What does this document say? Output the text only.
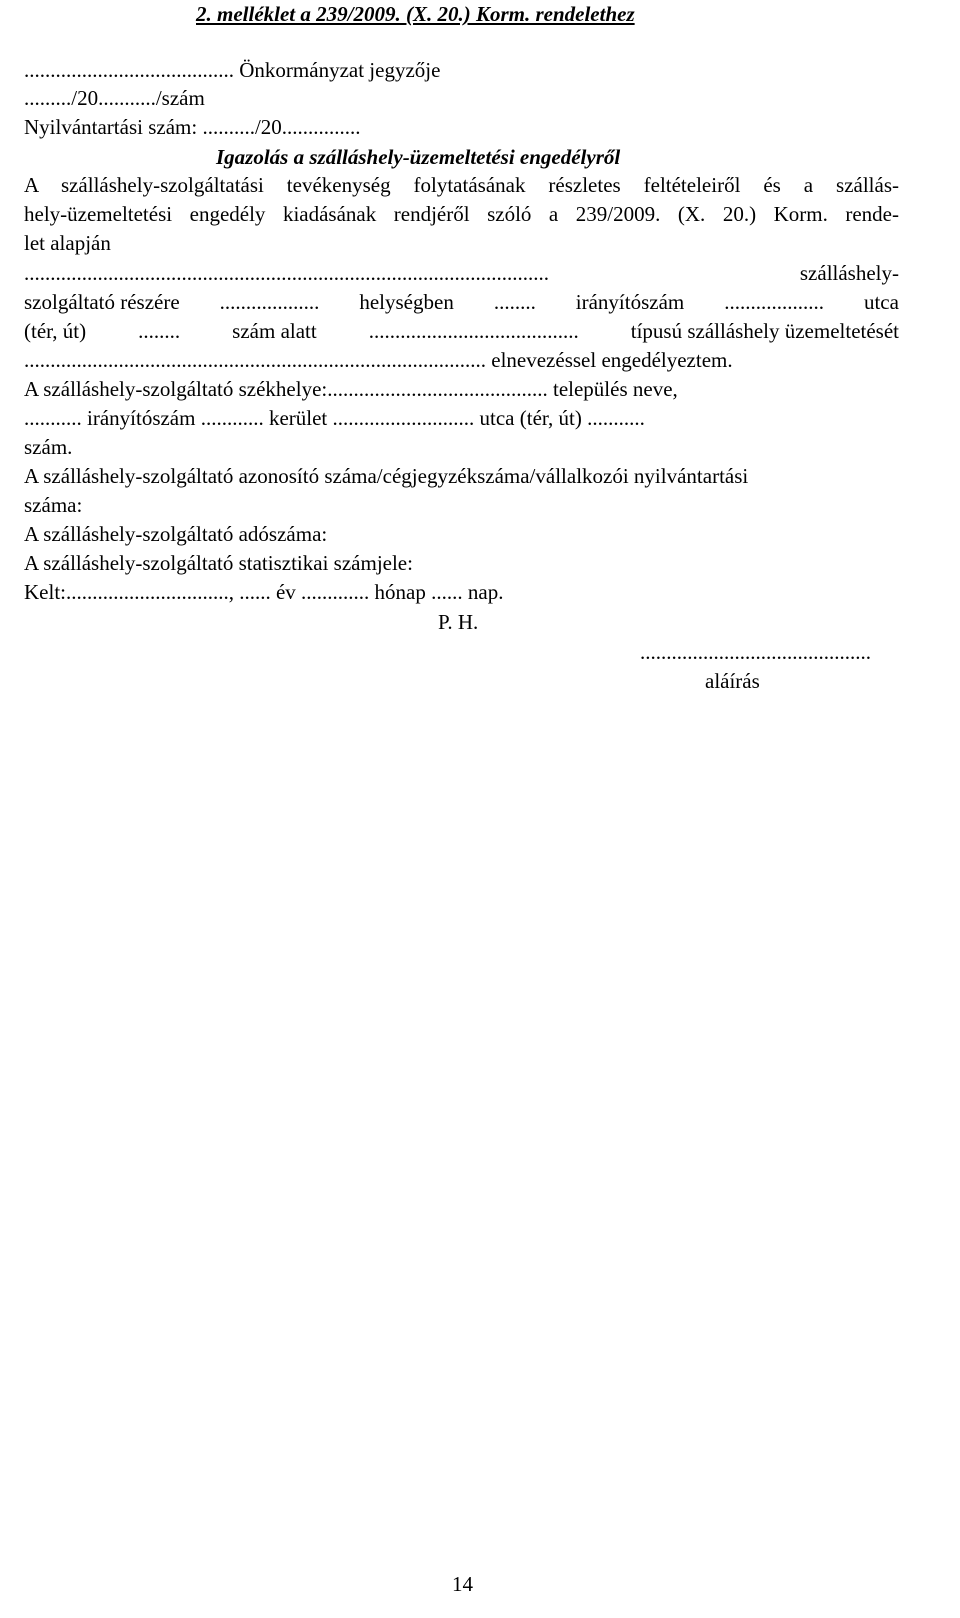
2. melléklet a 239/2009. (X. 20.) Korm. rendelethez
........................................ Önkormányzat jegyzője
........./20.........../szám
Nyilvántartási szám: ........../20...............
Igazolás a szálláshely-üzemeltetési engedélyről
A szálláshely-szolgáltatási tevékenység folytatásának részletes feltételeiről és a szállás-
hely-üzemeltetési engedély kiadásának rendjéről szóló a 239/2009. (X. 20.) Korm. rende-
let alapján
....................................................................................................	szálláshely-
szolgáltató részére ................... helységben ........ irányítószám ................... utca
(tér, út) ........ szám alatt ........................................ típusú szálláshely üzemeltetését
........................................................................................ elnevezéssel engedélyeztem.
A szálláshely-szolgáltató székhelye:.......................................... település neve,
........... irányítószám ............ kerület ........................... utca (tér, út) ...........
szám.
A szálláshely-szolgáltató azonosító száma/cégjegyzékszáma/vállalkozói nyilvántartási
száma:
A szálláshely-szolgáltató adószáma:
A szálláshely-szolgáltató statisztikai számjele:
Kelt:..............................., ...... év ............. hónap ...... nap.
P. H.
............................................
aláírás
14
